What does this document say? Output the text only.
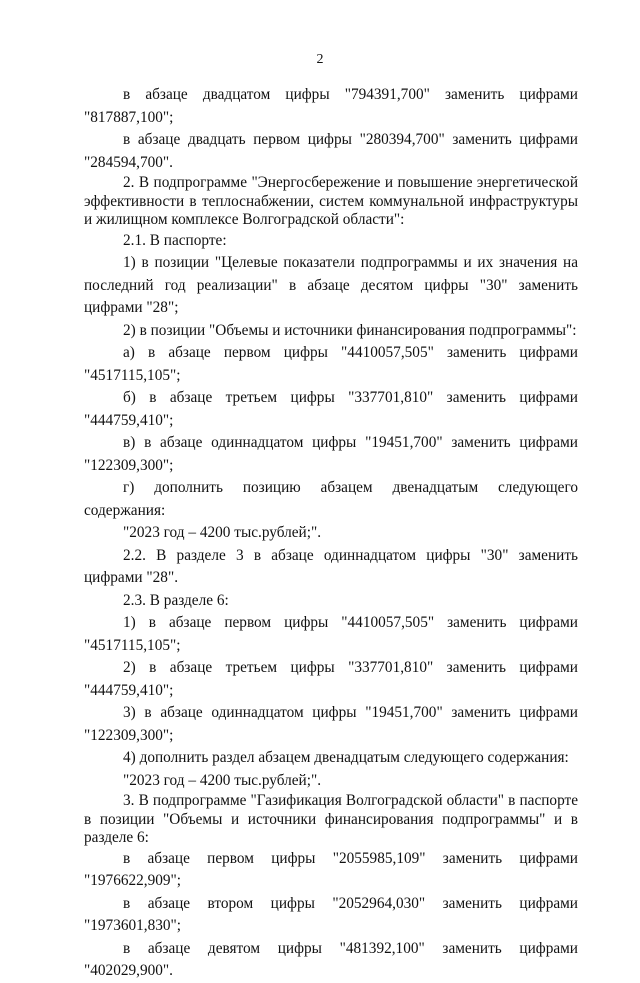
2

в абзаце двадцатом цифры "794391,700" заменить цифрами "817887,100";

в абзаце двадцать первом цифры "280394,700" заменить цифрами "284594,700".

2. В подпрограмме "Энергосбережение и повышение энергетической эффективности в теплоснабжении, систем коммунальной инфраструктуры и жилищном комплексе Волгоградской области":

2.1. В паспорте:

1) в позиции "Целевые показатели подпрограммы и их значения на последний год реализации" в абзаце десятом цифры "30" заменить цифрами "28";

2) в позиции "Объемы и источники финансирования подпрограммы":

а) в абзаце первом цифры "4410057,505" заменить цифрами "4517115,105";

б) в абзаце третьем цифры "337701,810" заменить цифрами "444759,410";

в) в абзаце одиннадцатом цифры "19451,700" заменить цифрами "122309,300";

г) дополнить позицию абзацем двенадцатым следующего содержания:

"2023 год – 4200 тыс.рублей;".

2.2. В разделе 3 в абзаце одиннадцатом цифры "30" заменить цифрами "28".

2.3. В разделе 6:

1) в абзаце первом цифры "4410057,505" заменить цифрами "4517115,105";

2) в абзаце третьем цифры "337701,810" заменить цифрами "444759,410";

3) в абзаце одиннадцатом цифры "19451,700" заменить цифрами "122309,300";

4) дополнить раздел абзацем двенадцатым следующего содержания:

"2023 год – 4200 тыс.рублей;".

3. В подпрограмме "Газификация Волгоградской области" в паспорте в позиции "Объемы и источники финансирования подпрограммы" и в разделе 6:

в абзаце первом цифры "2055985,109" заменить цифрами "1976622,909";

в абзаце втором цифры "2052964,030" заменить цифрами "1973601,830";

в абзаце девятом цифры "481392,100" заменить цифрами "402029,900".
